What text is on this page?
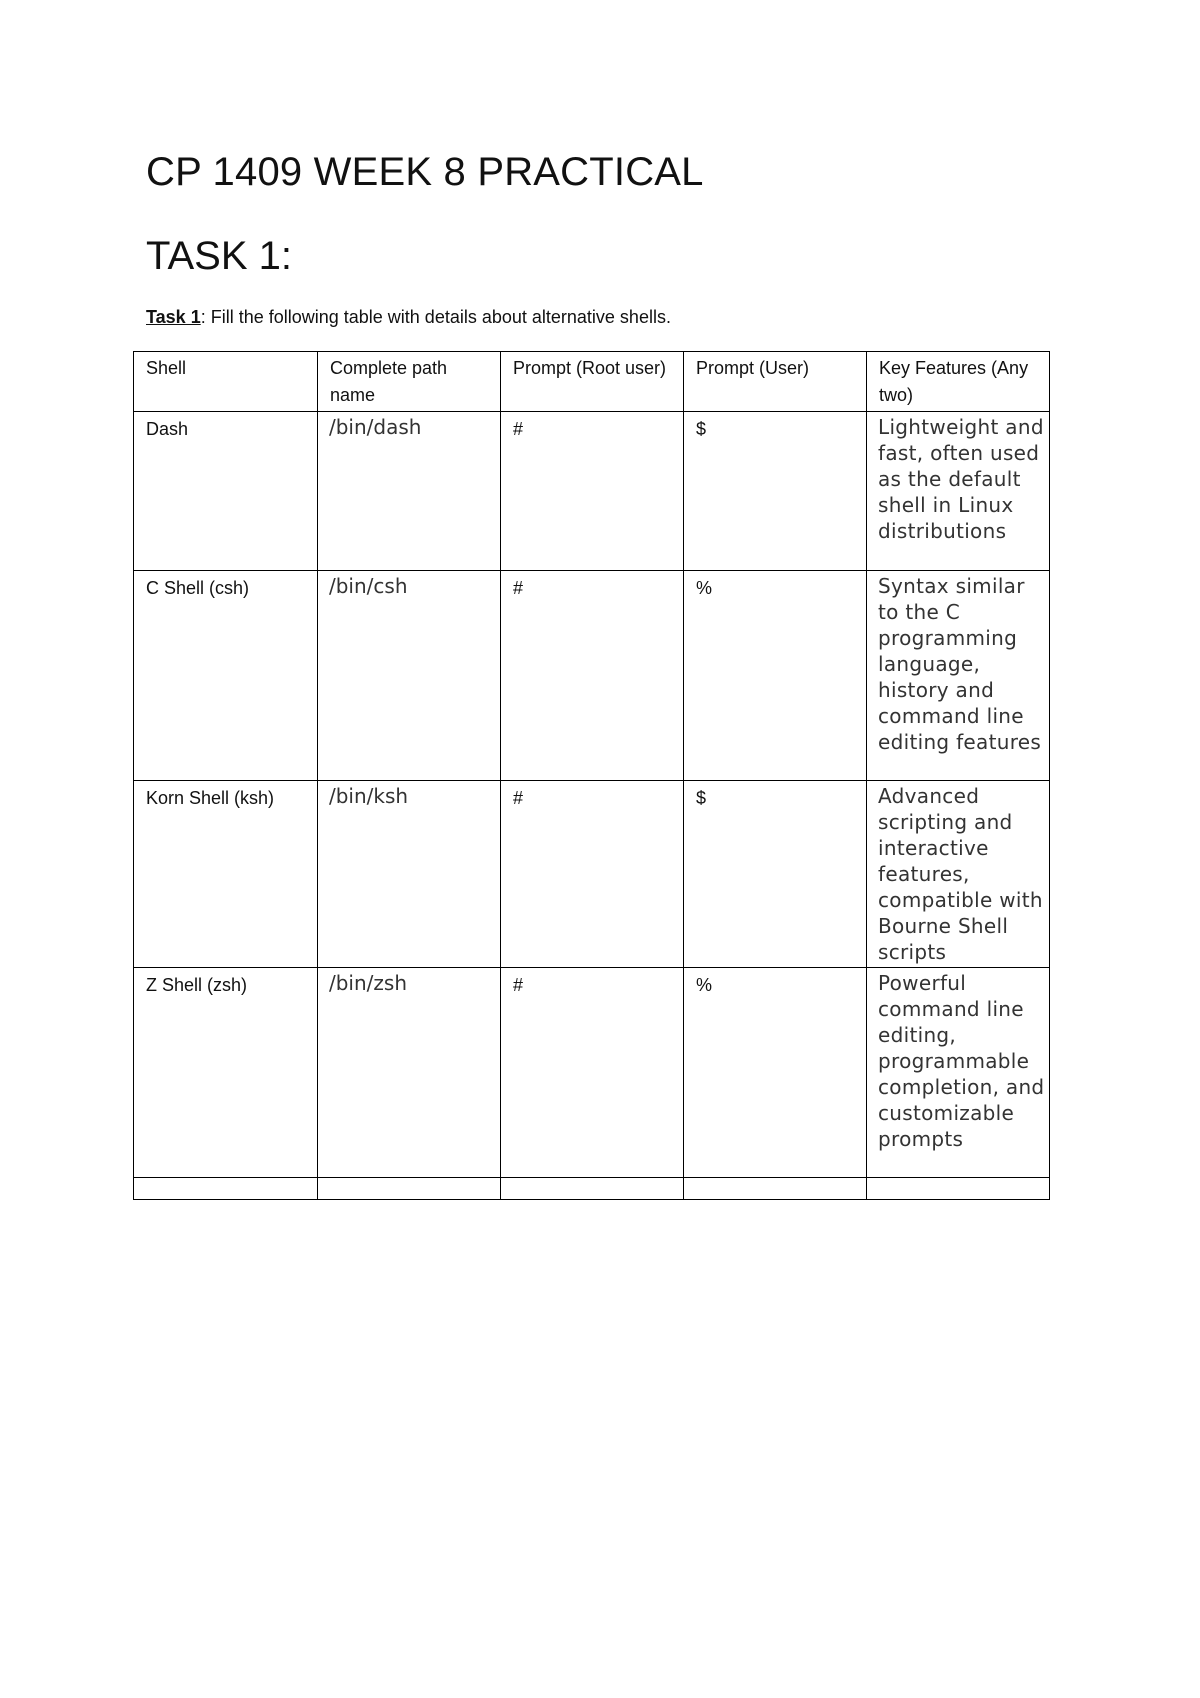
CP 1409 WEEK 8 PRACTICAL
TASK 1:

Task 1: Fill the following table with details about alternative shells.

Shell	Complete path name	Prompt (Root user)	Prompt (User)	Key Features (Any two)
Dash	/bin/dash	#	$	Lightweight and fast, often used as the default shell in Linux distributions
C Shell (csh)	/bin/csh	#	%	Syntax similar to the C programming language, history and command line editing features
Korn Shell (ksh)	/bin/ksh	#	$	Advanced scripting and interactive features, compatible with Bourne Shell scripts
Z Shell (zsh)	/bin/zsh	#	%	Powerful command line editing, programmable completion, and customizable prompts
